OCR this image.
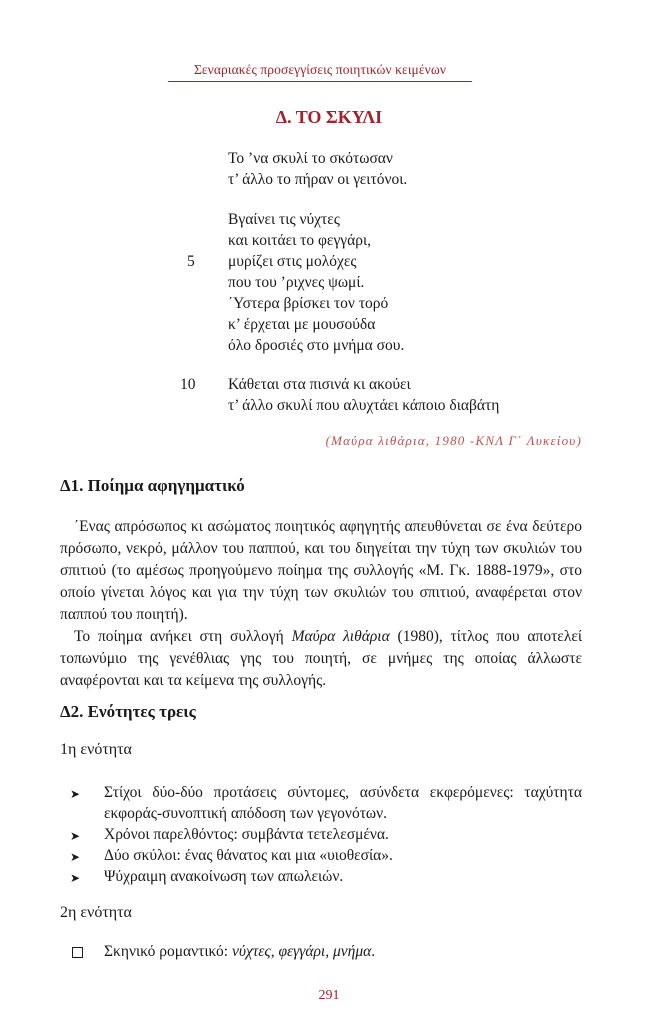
Σεναριακές προσεγγίσεις ποιητικών κειμένων
Δ. ΤΟ ΣΚΥΛΙ
Το ’να σκυλί το σκότωσαν
τ’ άλλο το πήραν οι γειτόνοι.
Βγαίνει τις νύχτες
και κοιτάει το φεγγάρι,
5 μυρίζει στις μολόχες
που του ’ριχνες ψωμί.
΄Υστερα βρίσκει τον τορό
κ’ έρχεται με μουσούδα
όλο δροσιές στο μνήμα σου.
10 Κάθεται στα πισινά κι ακούει
τ’ άλλο σκυλί που αλυχτάει κάποιο διαβάτη
(Μαύρα λιθάρια, 1980 -ΚΝΛ Γ΄ Λυκείου)
Δ1. Ποίημα αφηγηματικό

΄Ενας απρόσωπος κι ασώματος ποιητικός αφηγητής απευθύνεται σε ένα δεύτερο πρόσωπο, νεκρό, μάλλον του παππού, και του διηγείται την τύχη των σκυλιών του σπιτιού (το αμέσως προηγούμενο ποίημα της συλλογής «Μ. Γκ. 1888-1979», στο οποίο γίνεται λόγος και για την τύχη των σκυλιών του σπιτιού, αναφέρεται στον παππού του ποιητή).

Το ποίημα ανήκει στη συλλογή Μαύρα λιθάρια (1980), τίτλος που αποτελεί τοπωνύμιο της γενέθλιας γης του ποιητή, σε μνήμες της οποίας άλλωστε αναφέρονται και τα κείμενα της συλλογής.

Δ2. Ενότητες τρεις
1η ενότητα
➤	Στίχοι δύο-δύο προτάσεις σύντομες, ασύνδετα εκφερόμενες: ταχύτητα εκφοράς-συνοπτική απόδοση των γεγονότων.
➤	Χρόνοι παρελθόντος: συμβάντα τετελεσμένα.
➤	Δύο σκύλοι: ένας θάνατος και μια «υιοθεσία».
➤	Ψύχραιμη ανακοίνωση των απωλειών.
2η ενότητα
Σκηνικό ρομαντικό: νύχτες, φεγγάρι, μνήμα.
291
